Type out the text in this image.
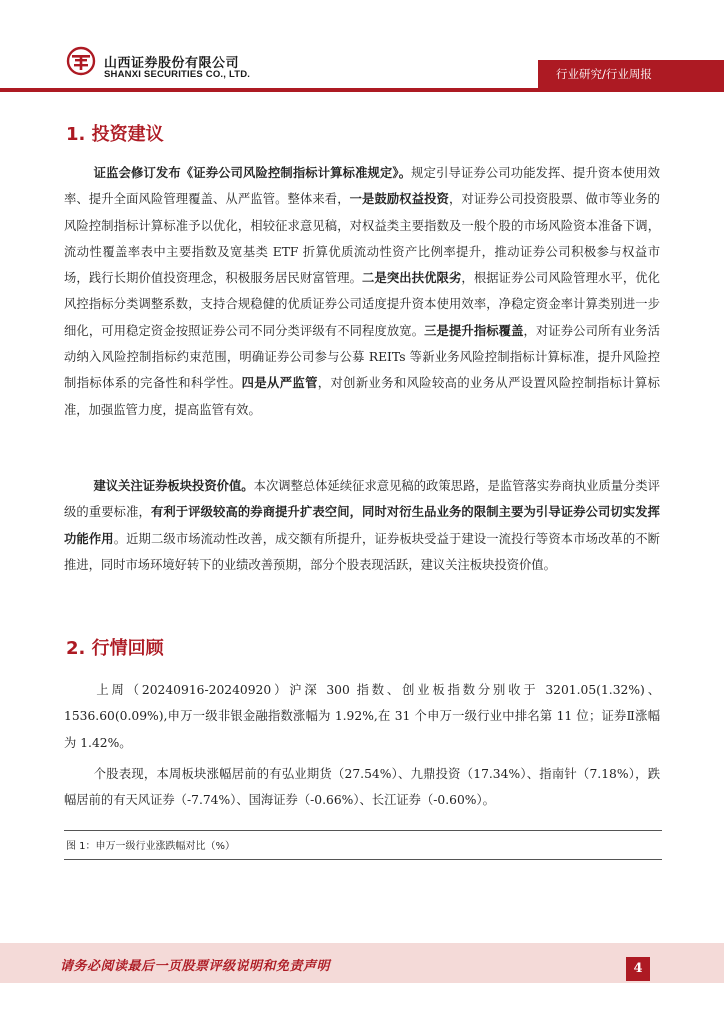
山西证券股份有限公司
SHANXI SECURITIES CO., LTD.	行业研究/行业周报
1. 投资建议

证监会修订发布《证券公司风险控制指标计算标准规定》。规定引导证券公司功能发挥、提升资本使用效率、提升全面风险管理覆盖、从严监管。整体来看，一是鼓励权益投资，对证券公司投资股票、做市等业务的风险控制指标计算标准予以优化，相较征求意见稿，对权益类主要指数及一般个股的市场风险资本准备下调，流动性覆盖率表中主要指数及宽基类 ETF 折算优质流动性资产比例率提升，推动证券公司积极参与权益市场，践行长期价值投资理念，积极服务居民财富管理。二是突出扶优限劣，根据证券公司风险管理水平，优化风控指标分类调整系数，支持合规稳健的优质证券公司适度提升资本使用效率，净稳定资金率计算类别进一步细化，可用稳定资金按照证券公司不同分类评级有不同程度放宽。三是提升指标覆盖，对证券公司所有业务活动纳入风险控制指标约束范围，明确证券公司参与公募 REITs 等新业务风险控制指标计算标准，提升风险控制指标体系的完备性和科学性。四是从严监管，对创新业务和风险较高的业务从严设置风险控制指标计算标准，加强监管力度，提高监管有效。

建议关注证券板块投资价值。本次调整总体延续征求意见稿的政策思路，是监管落实券商执业质量分类评级的重要标准，有利于评级较高的券商提升扩表空间，同时对衍生品业务的限制主要为引导证券公司切实发挥功能作用。近期二级市场流动性改善，成交额有所提升，证券板块受益于建设一流投行等资本市场改革的不断推进，同时市场环境好转下的业绩改善预期，部分个股表现活跃，建议关注板块投资价值。

2. 行情回顾

上周（20240916-20240920）沪深 300 指数、创业板指数分别收于 3201.05(1.32%)、1536.60(0.09%),申万一级非银金融指数涨幅为 1.92%,在 31 个申万一级行业中排名第 11 位；证券Ⅱ涨幅为 1.42%。

个股表现，本周板块涨幅居前的有弘业期货（27.54%）、九鼎投资（17.34%）、指南针（7.18%），跌幅居前的有天风证券（-7.74%）、国海证券（-0.66%）、长江证券（-0.60%）。

图 1：申万一级行业涨跌幅对比（%）
请务必阅读最后一页股票评级说明和免责声明	4
